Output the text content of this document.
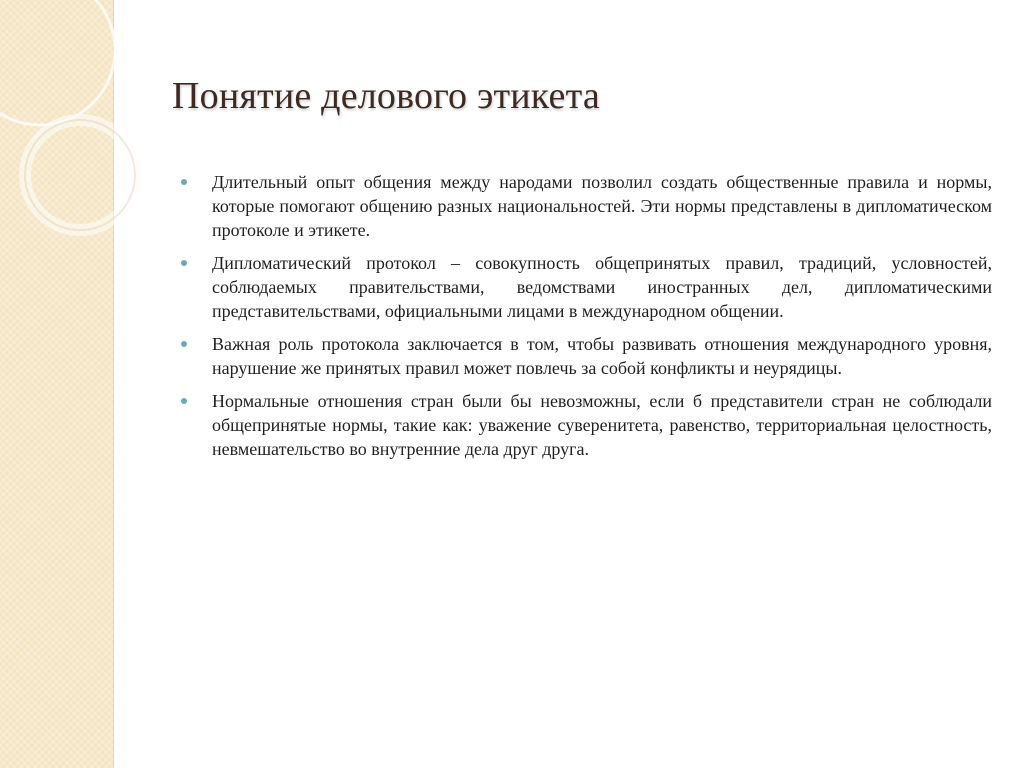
Понятие делового этикета
Длительный опыт общения между народами позволил создать общественные правила и нормы, которые помогают общению разных национальностей. Эти нормы представлены в дипломатическом протоколе и этикете.
Дипломатический протокол – совокупность общепринятых правил, традиций, условностей, соблюдаемых правительствами, ведомствами иностранных дел, дипломатическими представительствами, официальными лицами в международном общении.
Важная роль протокола заключается в том, чтобы развивать отношения международного уровня, нарушение же принятых правил может повлечь за собой конфликты и неурядицы.
Нормальные отношения стран были бы невозможны, если б представители стран не соблюдали общепринятые нормы, такие как: уважение суверенитета, равенство, территориальная целостность, невмешательство во внутренние дела друг друга.
